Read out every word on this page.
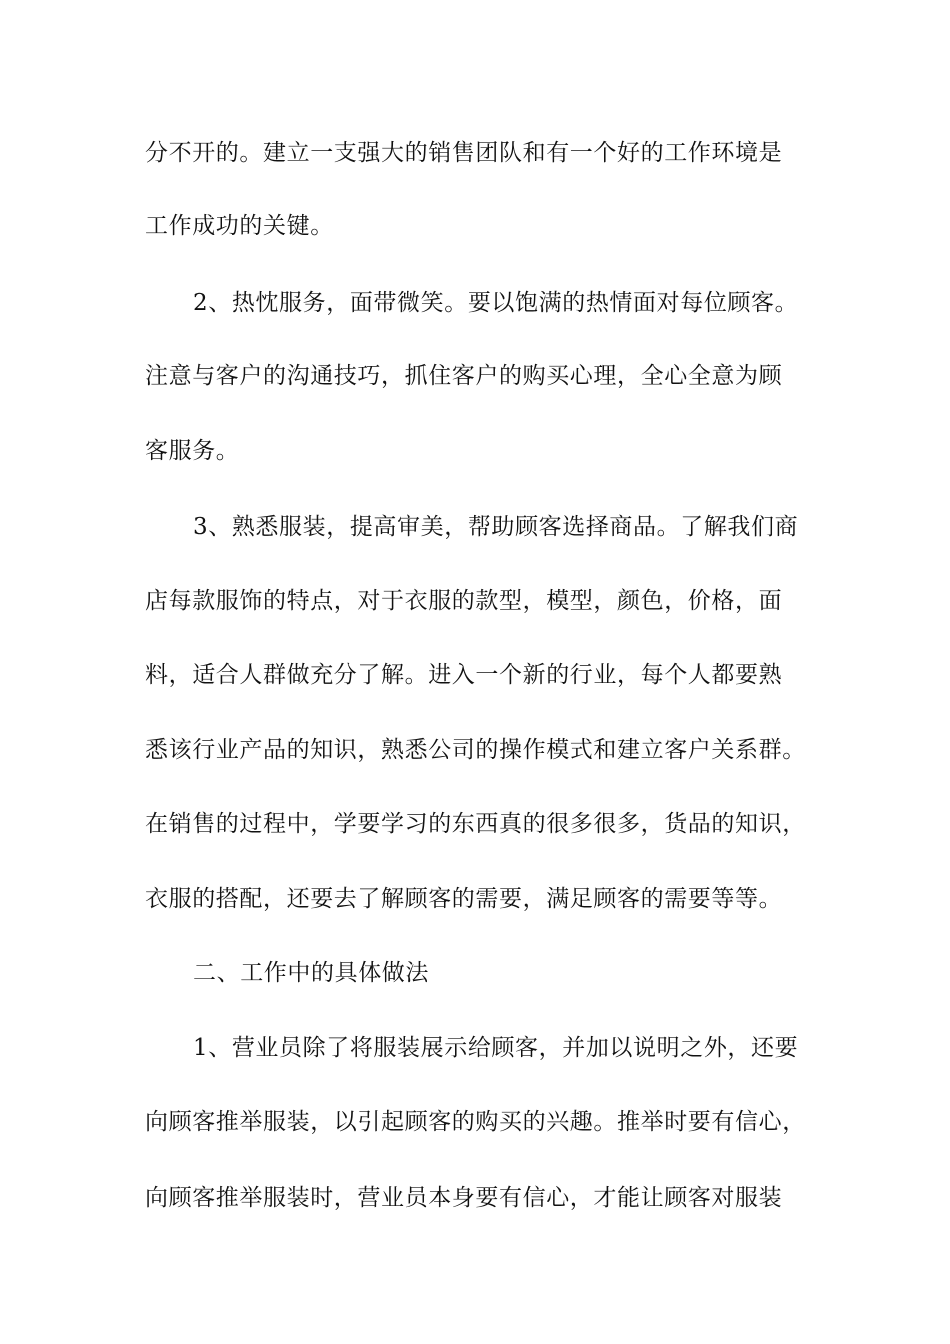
分不开的。建立一支强大的销售团队和有一个好的工作环境是
工作成功的关键。
2、热忱服务，面带微笑。要以饱满的热情面对每位顾客。
注意与客户的沟通技巧，抓住客户的购买心理，全心全意为顾
客服务。
3、熟悉服装，提高审美，帮助顾客选择商品。了解我们商
店每款服饰的特点，对于衣服的款型，模型，颜色，价格，面
料，适合人群做充分了解。进入一个新的行业，每个人都要熟
悉该行业产品的知识，熟悉公司的操作模式和建立客户关系群。
在销售的过程中，学要学习的东西真的很多很多，货品的知识，
衣服的搭配，还要去了解顾客的需要，满足顾客的需要等等。
二、工作中的具体做法
1、营业员除了将服装展示给顾客，并加以说明之外，还要
向顾客推举服装，以引起顾客的购买的兴趣。推举时要有信心，
向顾客推举服装时，营业员本身要有信心，才能让顾客对服装
